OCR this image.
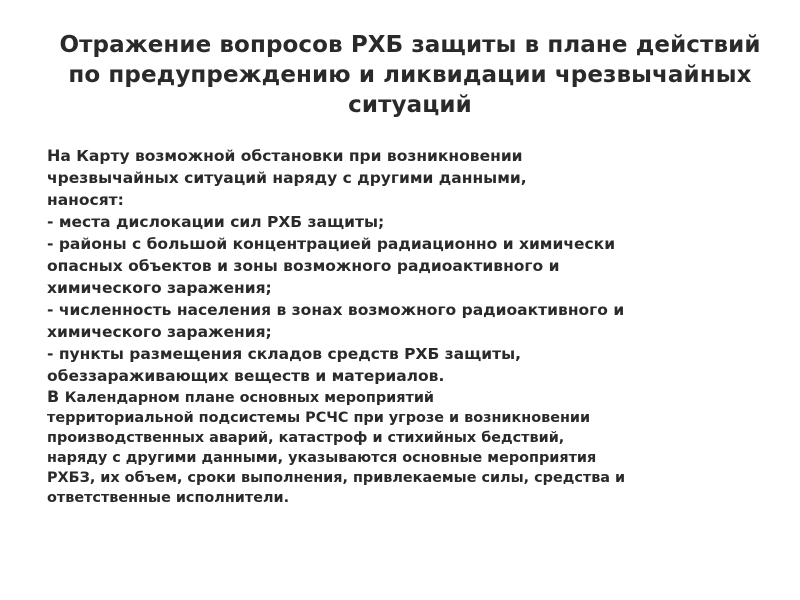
Отражение вопросов РХБ защиты в плане действий по предупреждению и ликвидации чрезвычайных ситуаций

На Карту возможной обстановки при возникновении
чрезвычайных ситуаций наряду с другими данными,
наносят:

- места дислокации сил РХБ защиты;

- районы с большой концентрацией радиационно и химически
опасных объектов и зоны возможного радиоактивного и
химического заражения;

- численность населения в зонах возможного радиоактивного и
химического заражения;

- пункты размещения складов средств РХБ защиты,
обеззараживающих веществ и материалов.

В Календарном плане основных мероприятий
территориальной подсистемы РСЧС при угрозе и возникновении
производственных аварий, катастроф и стихийных бедствий,
наряду с другими данными, указываются основные мероприятия
РХБЗ, их объем, сроки выполнения, привлекаемые силы, средства и
ответственные исполнители.
